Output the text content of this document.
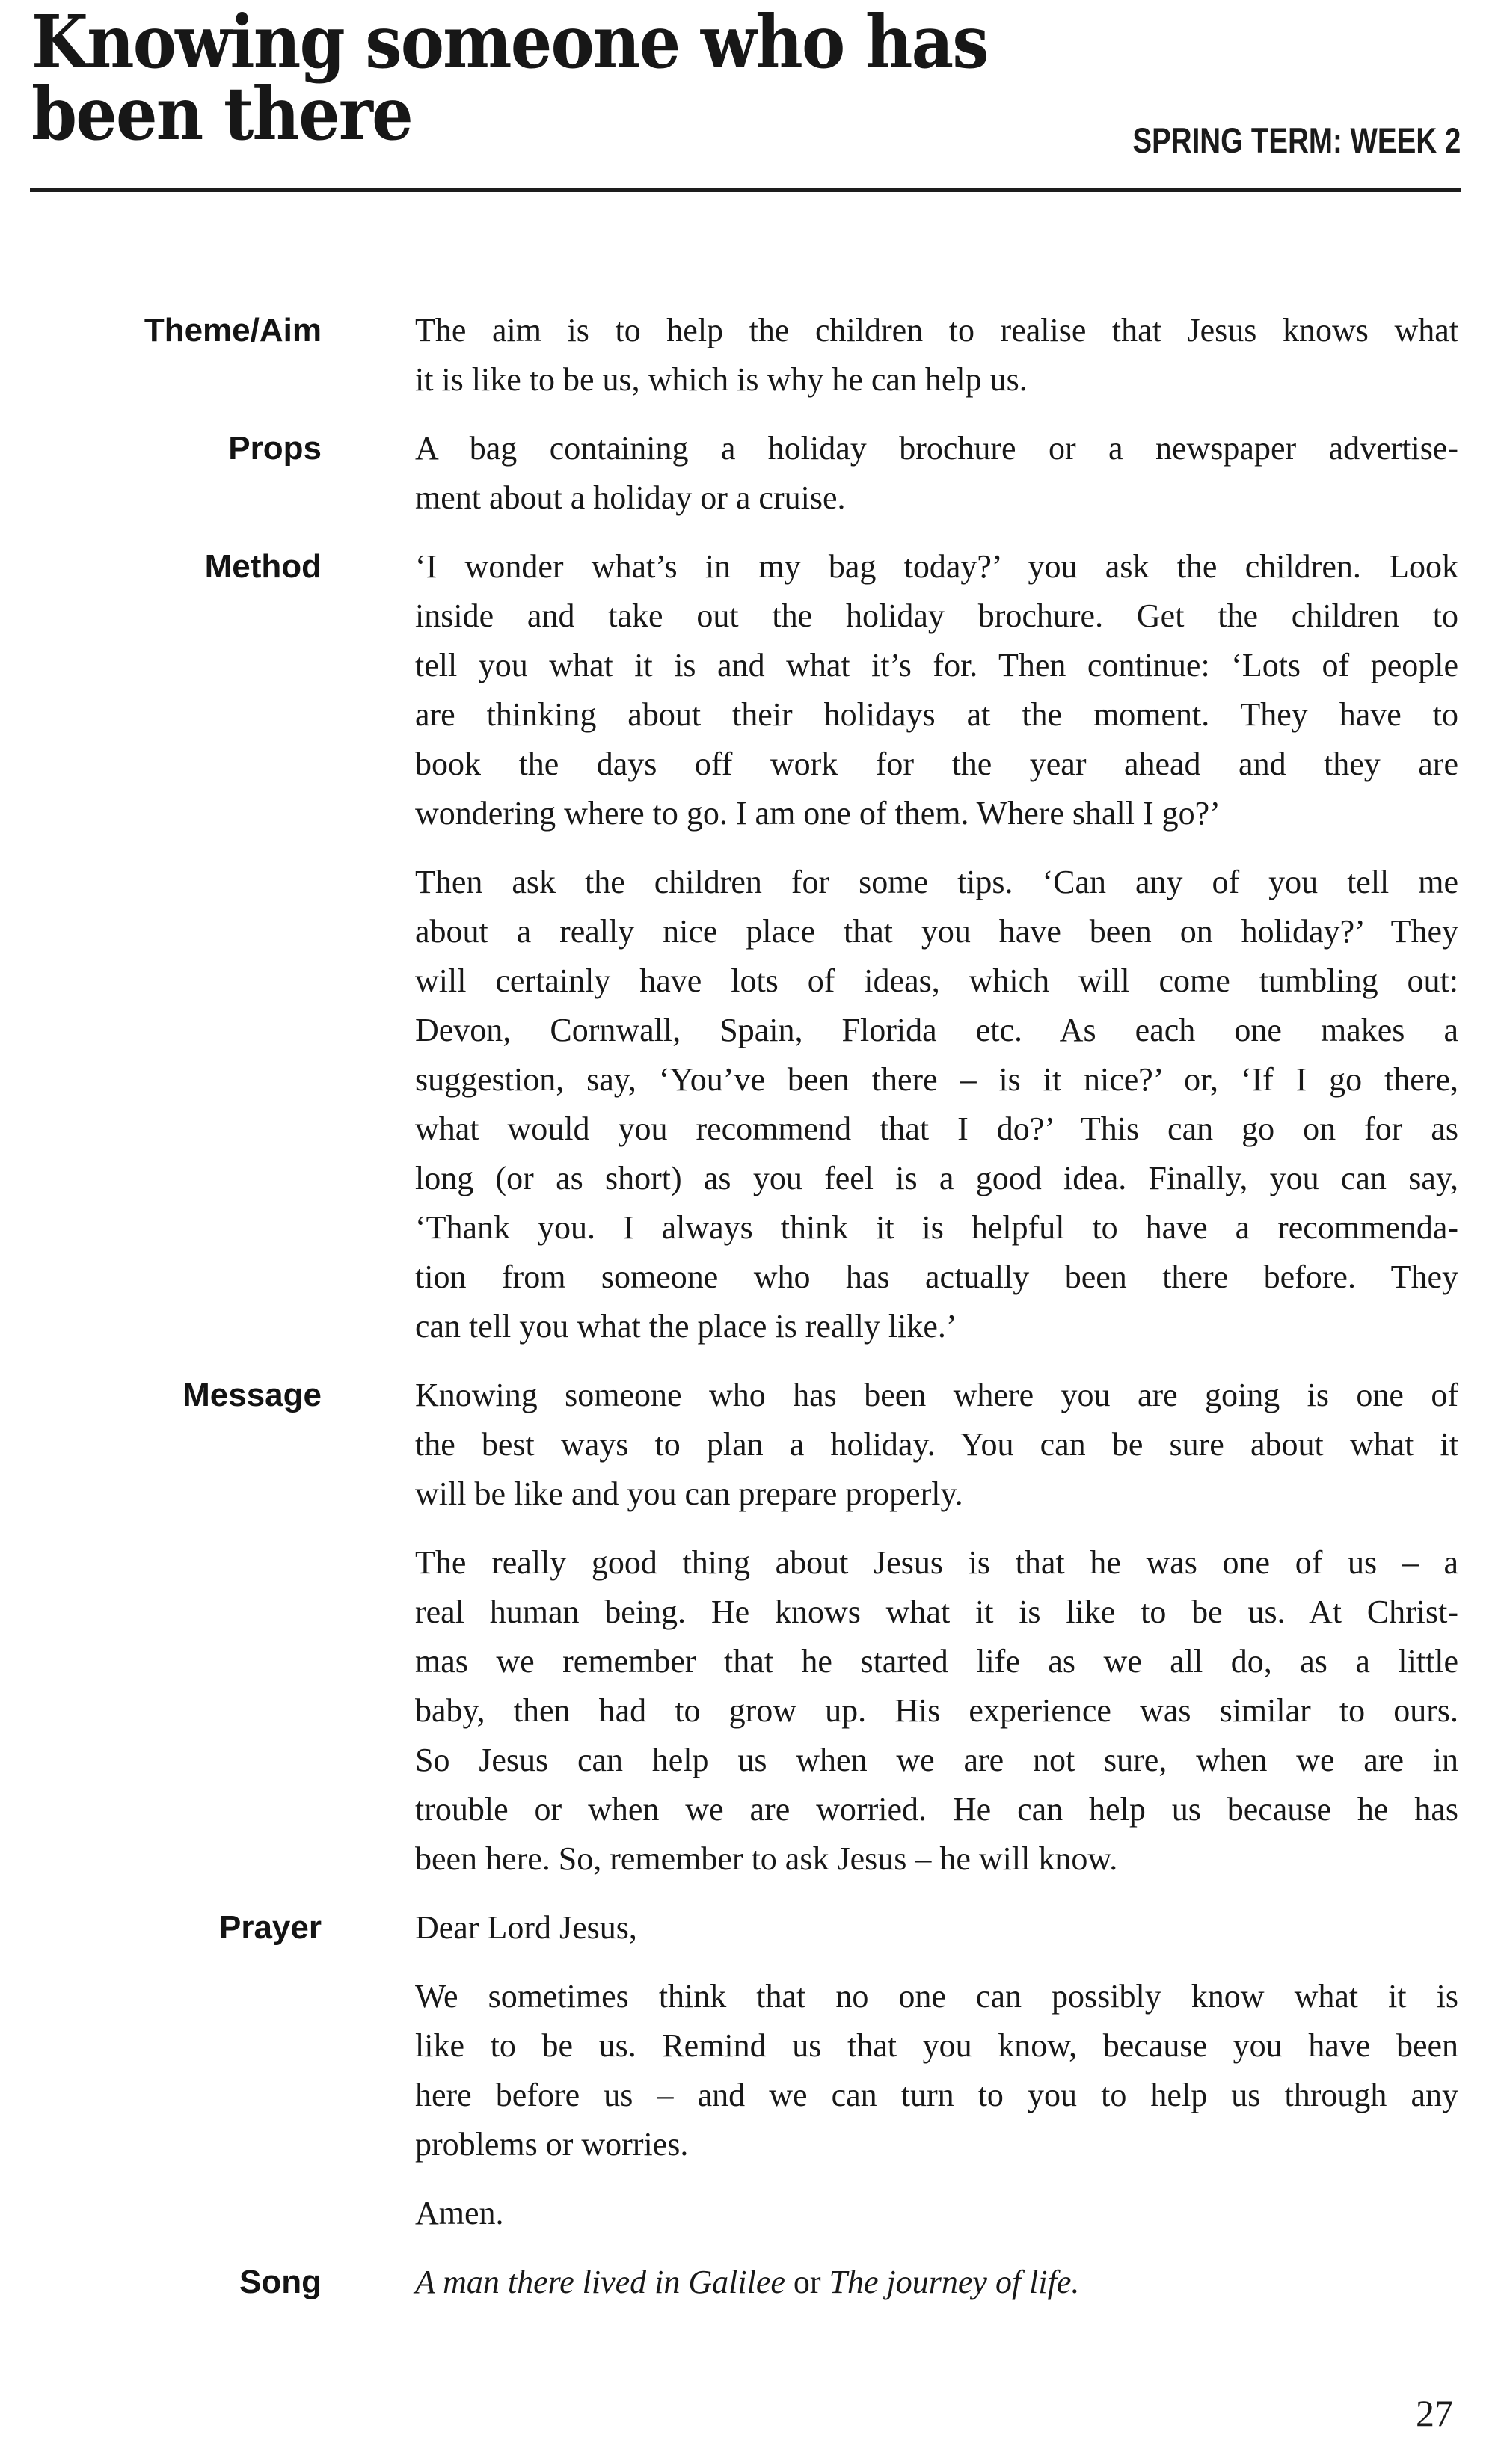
Knowing someone who has
been there	SPRING TERM: WEEK 2
Theme/Aim	The aim is to help the children to realise that Jesus knows what
it is like to be us, which is why he can help us.
Props	A bag containing a holiday brochure or a newspaper advertise-
ment about a holiday or a cruise.
Method	‘I wonder what’s in my bag today?’ you ask the children. Look
inside and take out the holiday brochure. Get the children to
tell you what it is and what it’s for. Then continue: ‘Lots of people
are thinking about their holidays at the moment. They have to
book the days off work for the year ahead and they are
wondering where to go. I am one of them. Where shall I go?’
Then ask the children for some tips. ‘Can any of you tell me
about a really nice place that you have been on holiday?’ They
will certainly have lots of ideas, which will come tumbling out:
Devon, Cornwall, Spain, Florida etc. As each one makes a
suggestion, say, ‘You’ve been there – is it nice?’ or, ‘If I go there,
what would you recommend that I do?’ This can go on for as
long (or as short) as you feel is a good idea. Finally, you can say,
‘Thank you. I always think it is helpful to have a recommenda-
tion from someone who has actually been there before. They
can tell you what the place is really like.’
Message	Knowing someone who has been where you are going is one of
the best ways to plan a holiday. You can be sure about what it
will be like and you can prepare properly.
The really good thing about Jesus is that he was one of us – a
real human being. He knows what it is like to be us. At Christ-
mas we remember that he started life as we all do, as a little
baby, then had to grow up. His experience was similar to ours.
So Jesus can help us when we are not sure, when we are in
trouble or when we are worried. He can help us because he has
been here. So, remember to ask Jesus – he will know.
Prayer	Dear Lord Jesus,
We sometimes think that no one can possibly know what it is
like to be us. Remind us that you know, because you have been
here before us – and we can turn to you to help us through any
problems or worries.
Amen.
Song	A man there lived in Galilee or The journey of life.
27
